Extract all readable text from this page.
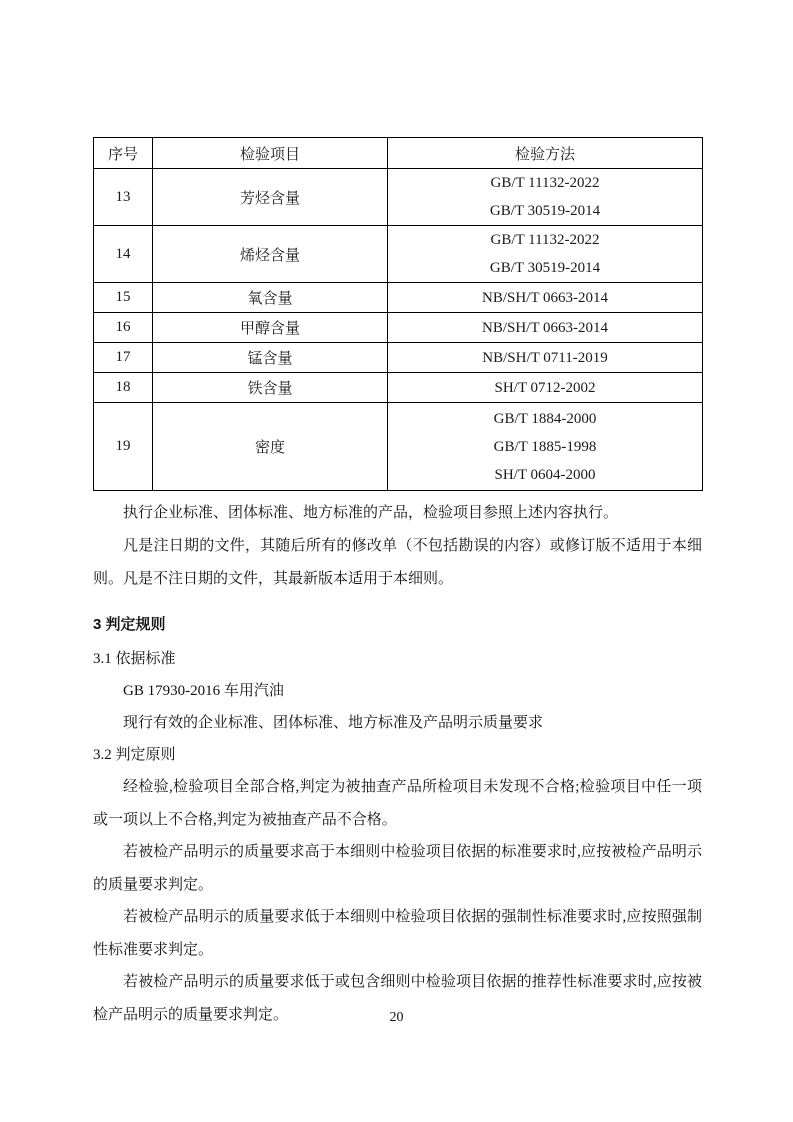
序号	检验项目	检验方法
13	芳烃含量	GB/T 11132-2022
GB/T 30519-2014

14	烯烃含量	GB/T 11132-2022
GB/T 30519-2014

15	氧含量	NB/SH/T 0663-2014

16	甲醇含量	NB/SH/T 0663-2014

17	锰含量	NB/SH/T 0711-2019

18	铁含量	SH/T 0712-2002

19	密度	GB/T 1884-2000
GB/T 1885-1998
SH/T 0604-2000

执行企业标准、团体标准、地方标准的产品，检验项目参照上述内容执行。

凡是注日期的文件，其随后所有的修改单（不包括勘误的内容）或修订版不适用于本细则。凡是不注日期的文件，其最新版本适用于本细则。

3 判定规则

3.1 依据标准

GB 17930-2016 车用汽油

现行有效的企业标准、团体标准、地方标准及产品明示质量要求

3.2 判定原则

经检验,检验项目全部合格,判定为被抽查产品所检项目未发现不合格;检验项目中任一项或一项以上不合格,判定为被抽查产品不合格。

若被检产品明示的质量要求高于本细则中检验项目依据的标准要求时,应按被检产品明示的质量要求判定。

若被检产品明示的质量要求低于本细则中检验项目依据的强制性标准要求时,应按照强制性标准要求判定。

若被检产品明示的质量要求低于或包含细则中检验项目依据的推荐性标准要求时,应按被检产品明示的质量要求判定。	20
